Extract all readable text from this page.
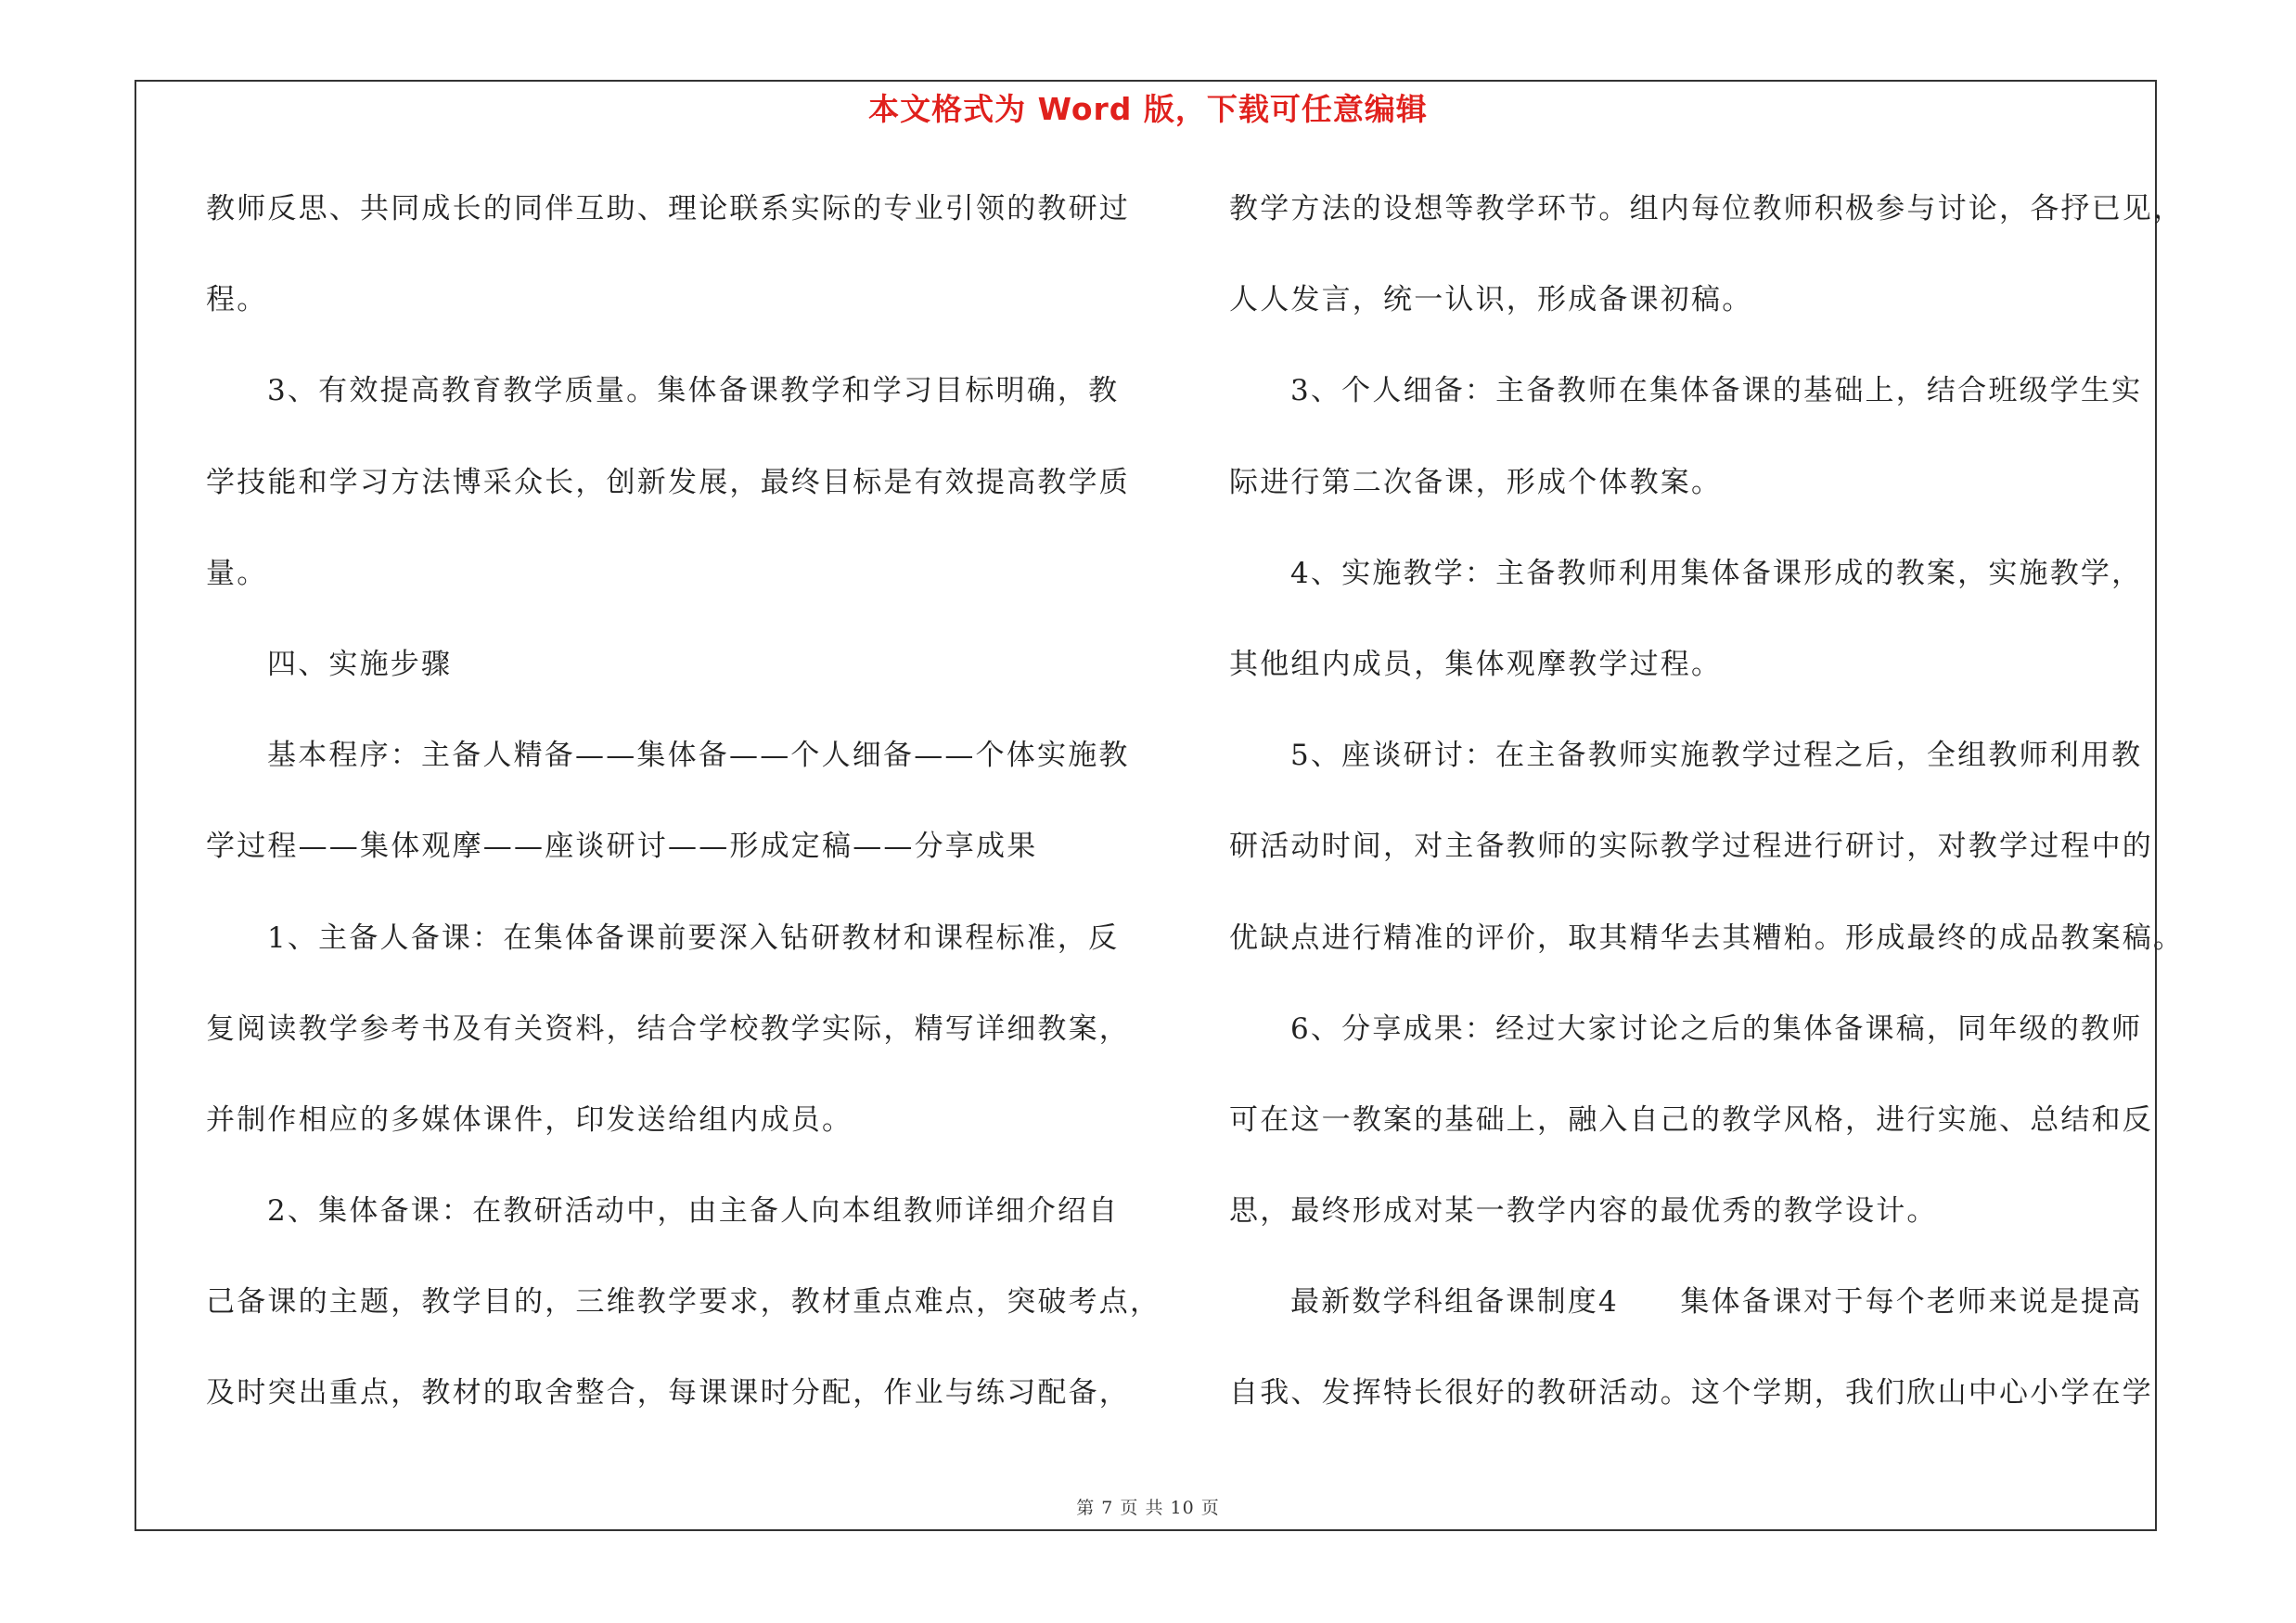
本文格式为 Word 版，下载可任意编辑
教师反思、共同成长的同伴互助、理论联系实际的专业引领的教研过
程。
3、有效提高教育教学质量。集体备课教学和学习目标明确，教
学技能和学习方法博采众长，创新发展，最终目标是有效提高教学质
量。
四、实施步骤
基本程序：主备人精备——集体备——个人细备——个体实施教
学过程——集体观摩——座谈研讨——形成定稿——分享成果
1、主备人备课：在集体备课前要深入钻研教材和课程标准，反
复阅读教学参考书及有关资料，结合学校教学实际，精写详细教案，
并制作相应的多媒体课件，印发送给组内成员。
2、集体备课：在教研活动中，由主备人向本组教师详细介绍自
己备课的主题，教学目的，三维教学要求，教材重点难点，突破考点，
及时突出重点，教材的取舍整合，每课课时分配，作业与练习配备，
教学方法的设想等教学环节。组内每位教师积极参与讨论，各抒已见，
人人发言，统一认识，形成备课初稿。
3、个人细备：主备教师在集体备课的基础上，结合班级学生实
际进行第二次备课，形成个体教案。
4、实施教学：主备教师利用集体备课形成的教案，实施教学，
其他组内成员，集体观摩教学过程。
5、座谈研讨：在主备教师实施教学过程之后，全组教师利用教
研活动时间，对主备教师的实际教学过程进行研讨，对教学过程中的
优缺点进行精准的评价，取其精华去其糟粕。形成最终的成品教案稿。
6、分享成果：经过大家讨论之后的集体备课稿，同年级的教师
可在这一教案的基础上，融入自己的教学风格，进行实施、总结和反
思，最终形成对某一教学内容的最优秀的教学设计。
最新数学科组备课制度4　　集体备课对于每个老师来说是提高
自我、发挥特长很好的教研活动。这个学期，我们欣山中心小学在学
第 7 页 共 10 页
